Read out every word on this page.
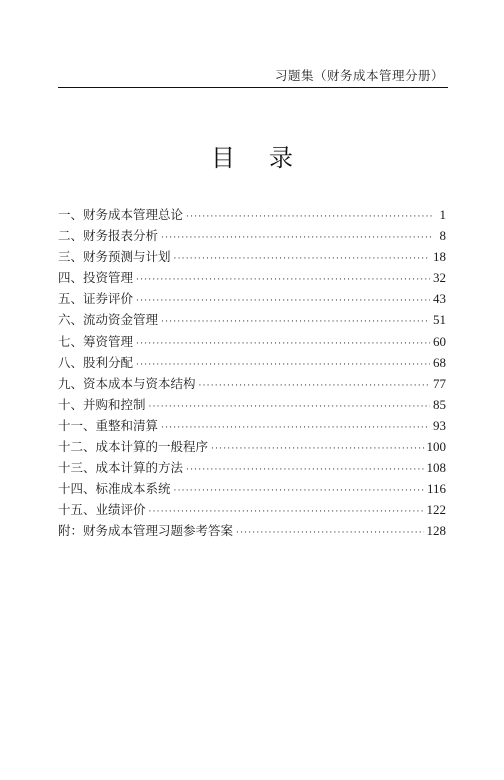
习题集（财务成本管理分册）
目录
一、财务成本管理总论 ·····	1
二、财务报表分析 ·····	8
三、财务预测与计划 ·····	18
四、投资管理 ·····	32
五、证券评价 ·····	43
六、流动资金管理 ·····	51
七、筹资管理 ·····	60
八、股利分配 ·····	68
九、资本成本与资本结构 ·····	77
十、并购和控制 ·····	85
十一、重整和清算 ·····	93
十二、成本计算的一般程序 ·····	100
十三、成本计算的方法 ·····	108
十四、标准成本系统 ·····	116
十五、业绩评价 ·····	122
附：财务成本管理习题参考答案 ·····	128
